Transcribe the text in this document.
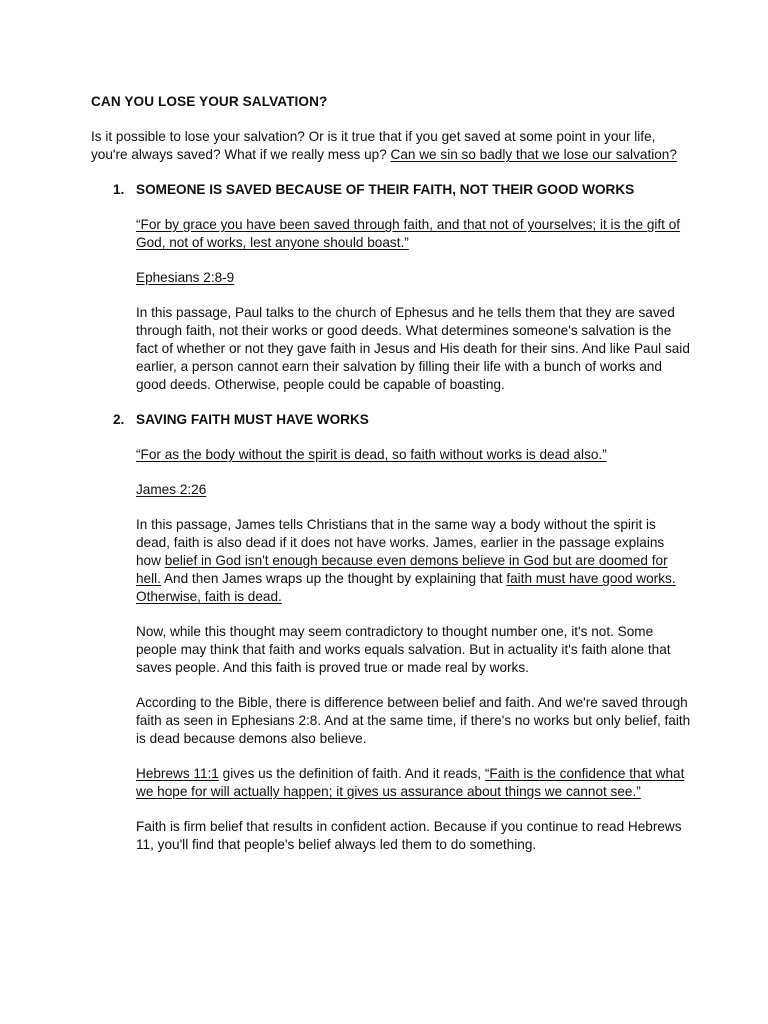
CAN YOU LOSE YOUR SALVATION?

Is it possible to lose your salvation? Or is it true that if you get saved at some point in your life, you're always saved? What if we really mess up? Can we sin so badly that we lose our salvation?

1. SOMEONE IS SAVED BECAUSE OF THEIR FAITH, NOT THEIR GOOD WORKS

“For by grace you have been saved through faith, and that not of yourselves; it is the gift of God, not of works, lest anyone should boast.”

Ephesians 2:8-9

In this passage, Paul talks to the church of Ephesus and he tells them that they are saved through faith, not their works or good deeds. What determines someone's salvation is the fact of whether or not they gave faith in Jesus and His death for their sins. And like Paul said earlier, a person cannot earn their salvation by filling their life with a bunch of works and good deeds. Otherwise, people could be capable of boasting.

2. SAVING FAITH MUST HAVE WORKS

“For as the body without the spirit is dead, so faith without works is dead also.”

James 2:26

In this passage, James tells Christians that in the same way a body without the spirit is dead, faith is also dead if it does not have works. James, earlier in the passage explains how belief in God isn't enough because even demons believe in God but are doomed for hell. And then James wraps up the thought by explaining that faith must have good works. Otherwise, faith is dead.

Now, while this thought may seem contradictory to thought number one, it's not. Some people may think that faith and works equals salvation. But in actuality it's faith alone that saves people. And this faith is proved true or made real by works.

According to the Bible, there is difference between belief and faith. And we're saved through faith as seen in Ephesians 2:8. And at the same time, if there's no works but only belief, faith is dead because demons also believe.

Hebrews 11:1 gives us the definition of faith. And it reads, “Faith is the confidence that what we hope for will actually happen; it gives us assurance about things we cannot see.”

Faith is firm belief that results in confident action. Because if you continue to read Hebrews 11, you'll find that people's belief always led them to do something.
